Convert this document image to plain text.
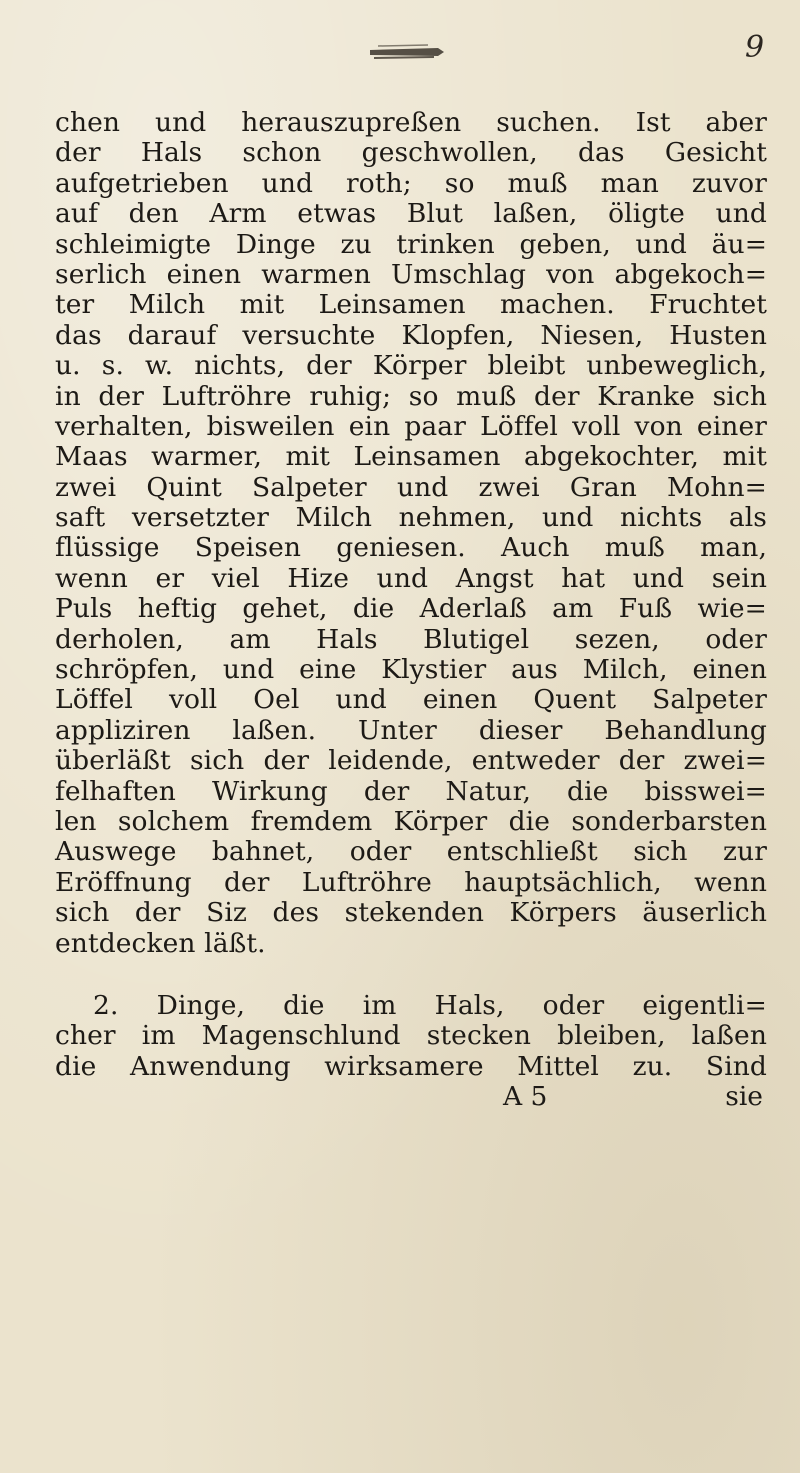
9
chen und herauszupreßen suchen. Ist aber
der Hals schon geschwollen, das Gesicht
aufgetrieben und roth; so muß man zuvor
auf den Arm etwas Blut laßen, öligte und
schleimigte Dinge zu trinken geben, und äu=
serlich einen warmen Umschlag von abgekoch=
ter Milch mit Leinsamen machen. Fruchtet
das darauf versuchte Klopfen, Niesen, Husten
u. s. w. nichts, der Körper bleibt unbeweglich,
in der Luftröhre ruhig; so muß der Kranke sich
verhalten, bisweilen ein paar Löffel voll von einer
Maas warmer, mit Leinsamen abgekochter, mit
zwei Quint Salpeter und zwei Gran Mohn=
saft versetzter Milch nehmen, und nichts als
flüssige Speisen geniesen. Auch muß man,
wenn er viel Hize und Angst hat und sein
Puls heftig gehet, die Aderlaß am Fuß wie=
derholen, am Hals Blutigel sezen, oder
schröpfen, und eine Klystier aus Milch, einen
Löffel voll Oel und einen Quent Salpeter
appliziren laßen. Unter dieser Behandlung
überläßt sich der leidende, entweder der zwei=
felhaften Wirkung der Natur, die bisswei=
len solchem fremdem Körper die sonderbarsten
Auswege bahnet, oder entschließt sich zur
Eröffnung der Luftröhre hauptsächlich, wenn
sich der Siz des stekenden Körpers äuserlich
entdecken läßt.
2. Dinge, die im Hals, oder eigentli=
cher im Magenschlund stecken bleiben, laßen
die Anwendung wirksamere Mittel zu. Sind
A 5	sie
